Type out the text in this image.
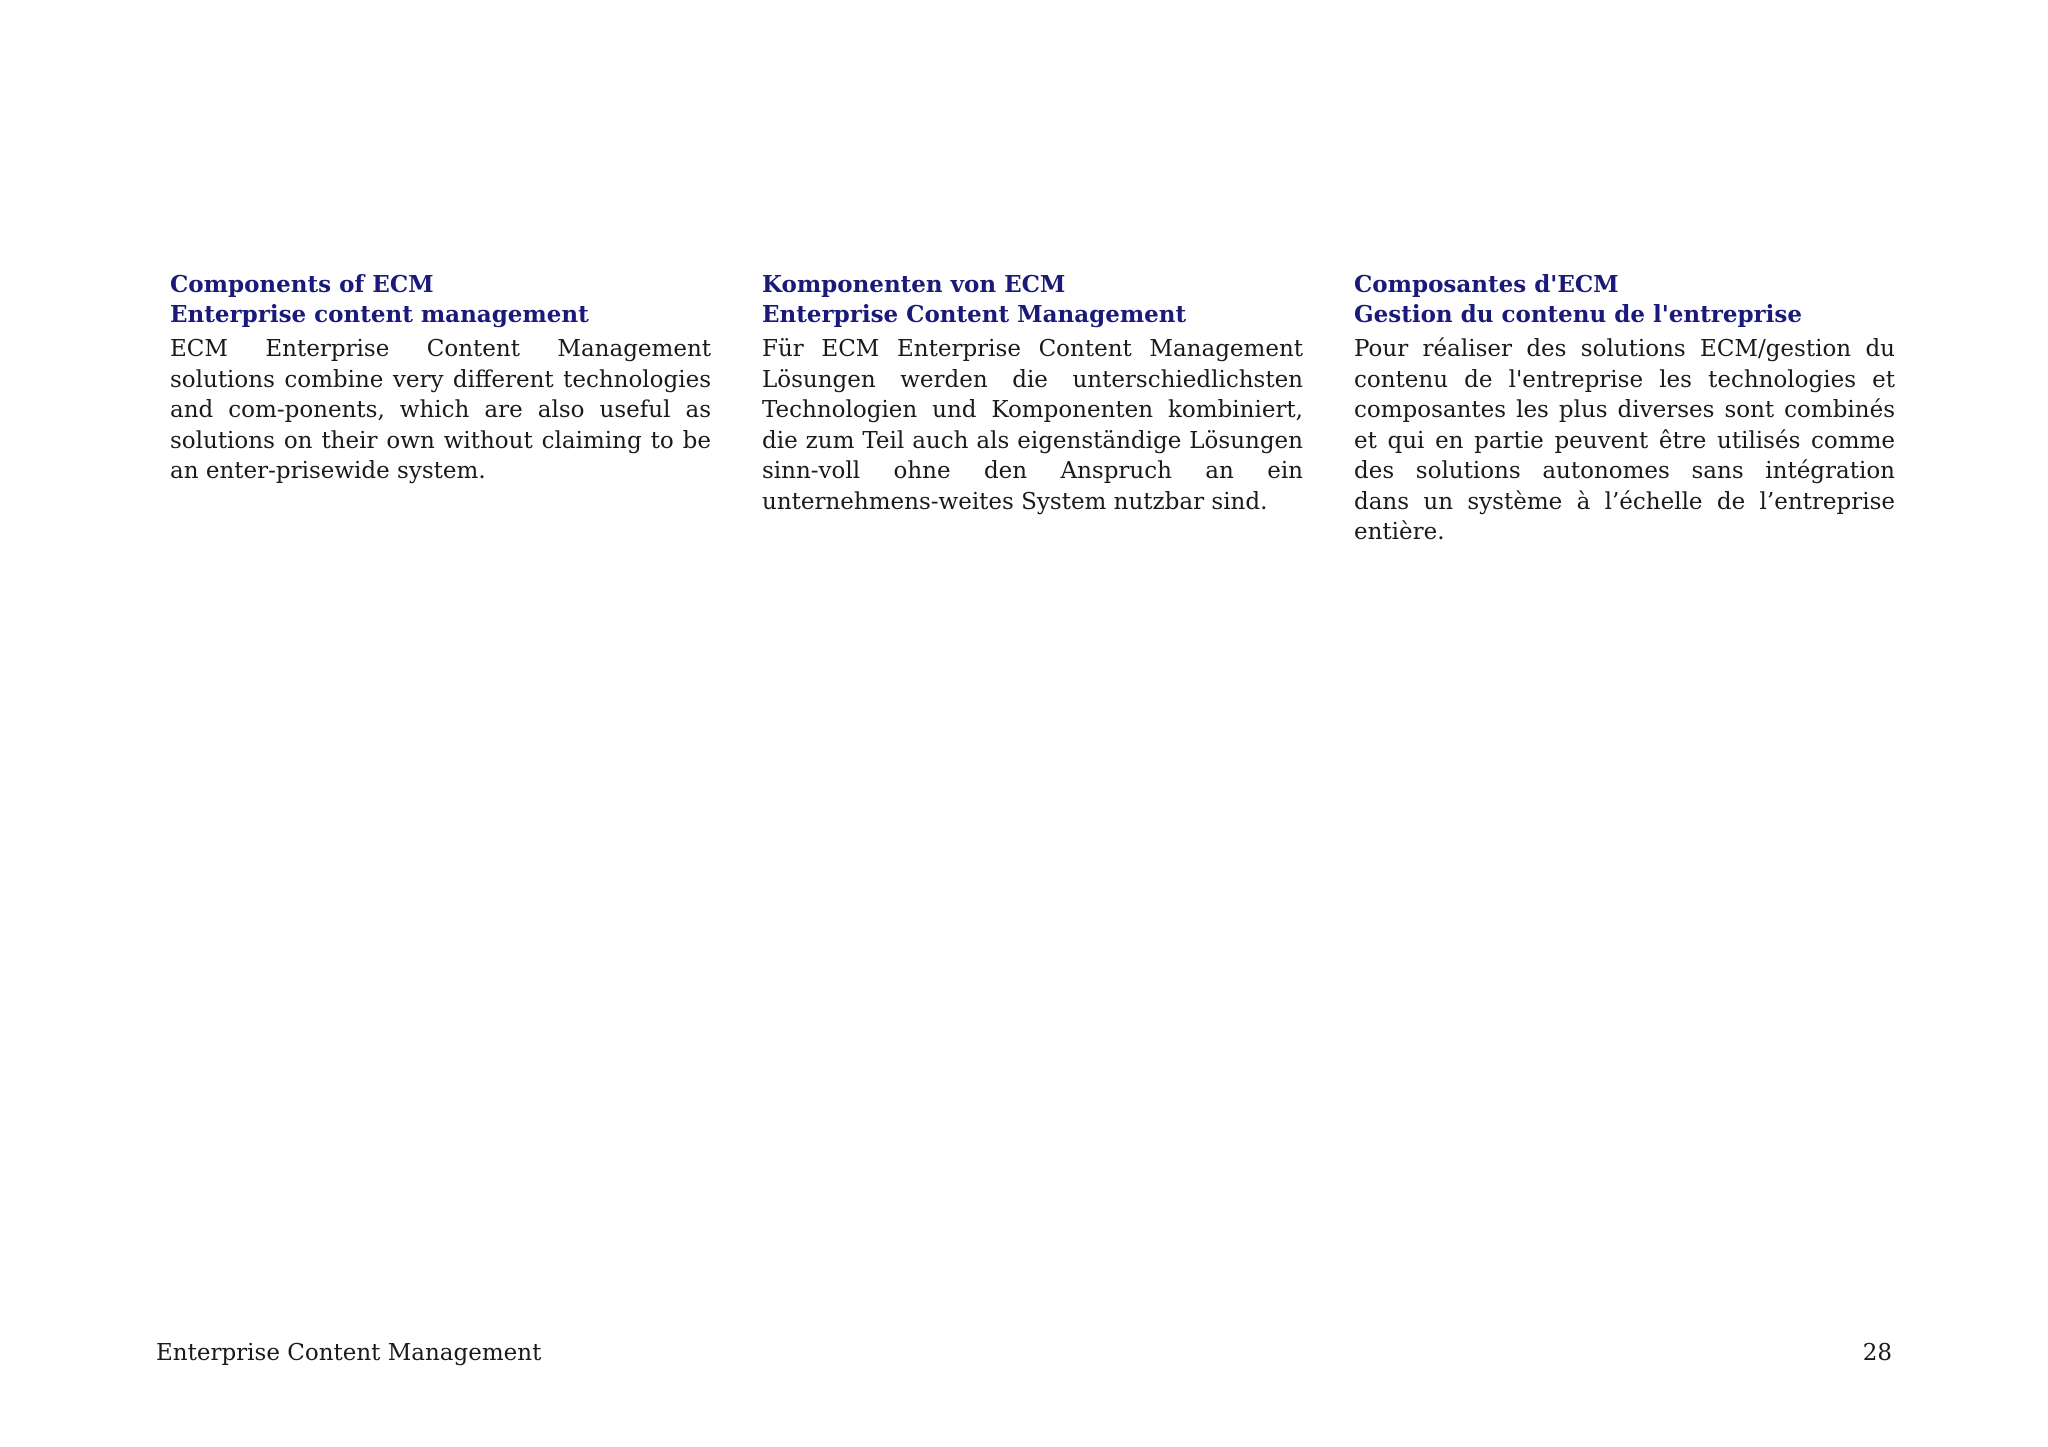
Components of ECM

Enterprise content management

ECM Enterprise Content Management solutions combine very different technologies and com-ponents, which are also useful as solutions on their own without claiming to be an enter-prisewide system.

Komponenten von ECM

Enterprise Content Management

Für ECM Enterprise Content Management Lösungen werden die unterschiedlichsten Technologien und Komponenten kombiniert, die zum Teil auch als eigenständige Lösungen sinn-voll ohne den Anspruch an ein unternehmens-weites System nutzbar sind.

Composantes d'ECM

Gestion du contenu de l'entreprise

Pour réaliser des solutions ECM/gestion du contenu de l'entreprise les technologies et composantes les plus diverses sont combinés et qui en partie peuvent être utilisés comme des solutions autonomes sans intégration dans un système à l’échelle de l’entreprise entière.

Enterprise Content Management	28
